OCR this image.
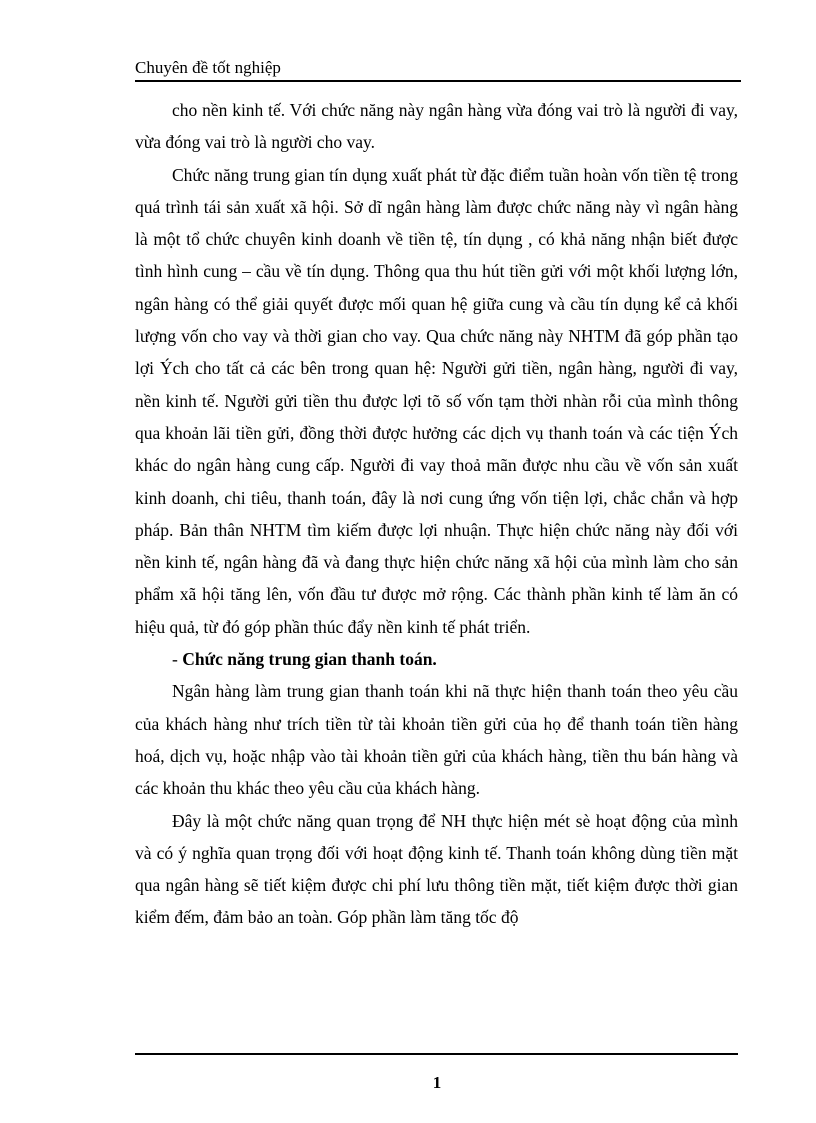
Chuyên đề tốt nghiệp

cho nền kinh tế. Với chức năng này ngân hàng vừa đóng vai trò là người đi vay, vừa đóng vai trò là người cho vay.

Chức năng trung gian tín dụng xuất phát từ đặc điểm tuần hoàn vốn tiền tệ trong quá trình tái sản xuất xã hội. Sở dĩ ngân hàng làm được chức năng này vì ngân hàng là một tổ chức chuyên kinh doanh về tiền tệ, tín dụng , có khả năng nhận biết được tình hình cung – cầu về tín dụng. Thông qua thu hút tiền gửi với một khối lượng lớn, ngân hàng có thể giải quyết được mối quan hệ giữa cung và cầu tín dụng kể cả khối lượng vốn cho vay và thời gian cho vay. Qua chức năng này NHTM đã góp phần tạo lợi Ých cho tất cả các bên trong quan hệ: Người gửi tiền, ngân hàng, người đi vay, nền kinh tế. Người gửi tiền thu được lợi tõ số vốn tạm thời nhàn rỗi của mình thông qua khoản lãi tiền gửi, đồng thời được hưởng các dịch vụ thanh toán và các tiện Ých khác do ngân hàng cung cấp. Người đi vay thoả mãn được nhu cầu về vốn sản xuất kinh doanh, chi tiêu, thanh toán, đây là nơi cung ứng vốn tiện lợi, chắc chắn và hợp pháp. Bản thân NHTM tìm kiếm được lợi nhuận. Thực hiện chức năng này đối với nền kinh tế, ngân hàng đã và đang thực hiện chức năng xã hội của mình làm cho sản phẩm xã hội tăng lên, vốn đầu tư được mở rộng. Các thành phần kinh tế làm ăn có hiệu quả, từ đó góp phần thúc đẩy nền kinh tế phát triển.

- Chức năng trung gian thanh toán.

Ngân hàng làm trung gian thanh toán khi nã thực hiện thanh toán theo yêu cầu của khách hàng như trích tiền từ tài khoản tiền gửi của họ để thanh toán tiền hàng hoá, dịch vụ, hoặc nhập vào tài khoản tiền gửi của khách hàng, tiền thu bán hàng và các khoản thu khác theo yêu cầu của khách hàng.

Đây là một chức năng quan trọng để NH thực hiện mét sè hoạt động của mình và có ý nghĩa quan trọng đối với hoạt động kinh tế. Thanh toán không dùng tiền mặt qua ngân hàng sẽ tiết kiệm được chi phí lưu thông tiền mặt, tiết kiệm được thời gian kiểm đếm, đảm bảo an toàn. Góp phần làm tăng tốc độ

1
